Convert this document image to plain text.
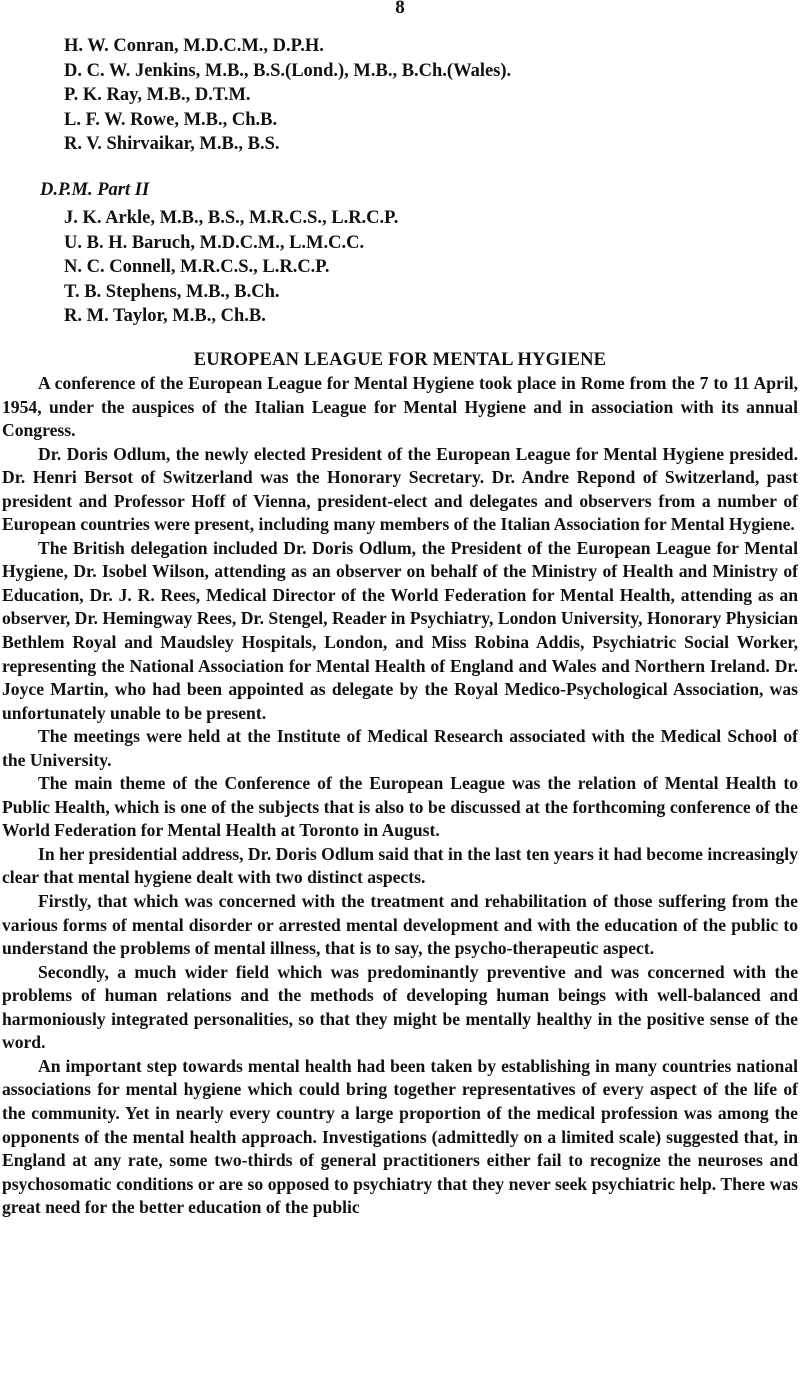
8
H. W. Conran, M.D.C.M., D.P.H.
D. C. W. Jenkins, M.B., B.S.(Lond.), M.B., B.Ch.(Wales).
P. K. Ray, M.B., D.T.M.
L. F. W. Rowe, M.B., Ch.B.
R. V. Shirvaikar, M.B., B.S.
D.P.M. Part II
J. K. Arkle, M.B., B.S., M.R.C.S., L.R.C.P.
U. B. H. Baruch, M.D.C.M., L.M.C.C.
N. C. Connell, M.R.C.S., L.R.C.P.
T. B. Stephens, M.B., B.Ch.
R. M. Taylor, M.B., Ch.B.
EUROPEAN LEAGUE FOR MENTAL HYGIENE

A conference of the European League for Mental Hygiene took place in Rome from the 7 to 11 April, 1954, under the auspices of the Italian League for Mental Hygiene and in association with its annual Congress.

Dr. Doris Odlum, the newly elected President of the European League for Mental Hygiene presided. Dr. Henri Bersot of Switzerland was the Honorary Secretary. Dr. Andre Repond of Switzerland, past president and Professor Hoff of Vienna, president-elect and delegates and observers from a number of European countries were present, including many members of the Italian Association for Mental Hygiene.

The British delegation included Dr. Doris Odlum, the President of the European League for Mental Hygiene, Dr. Isobel Wilson, attending as an observer on behalf of the Ministry of Health and Ministry of Education, Dr. J. R. Rees, Medical Director of the World Federation for Mental Health, attending as an observer, Dr. Hemingway Rees, Dr. Stengel, Reader in Psychiatry, London University, Honorary Physician Bethlem Royal and Maudsley Hospitals, London, and Miss Robina Addis, Psychiatric Social Worker, representing the National Association for Mental Health of England and Wales and Northern Ireland. Dr. Joyce Martin, who had been appointed as delegate by the Royal Medico-Psychological Association, was unfortunately unable to be present.

The meetings were held at the Institute of Medical Research associated with the Medical School of the University.

The main theme of the Conference of the European League was the relation of Mental Health to Public Health, which is one of the subjects that is also to be discussed at the forthcoming conference of the World Federation for Mental Health at Toronto in August.

In her presidential address, Dr. Doris Odlum said that in the last ten years it had become increasingly clear that mental hygiene dealt with two distinct aspects.

Firstly, that which was concerned with the treatment and rehabilitation of those suffering from the various forms of mental disorder or arrested mental development and with the education of the public to understand the problems of mental illness, that is to say, the psycho-therapeutic aspect.

Secondly, a much wider field which was predominantly preventive and was concerned with the problems of human relations and the methods of developing human beings with well-balanced and harmoniously integrated personalities, so that they might be mentally healthy in the positive sense of the word.

An important step towards mental health had been taken by establishing in many countries national associations for mental hygiene which could bring together representatives of every aspect of the life of the community. Yet in nearly every country a large proportion of the medical profession was among the opponents of the mental health approach. Investigations (admittedly on a limited scale) suggested that, in England at any rate, some two-thirds of general practitioners either fail to recognize the neuroses and psychosomatic conditions or are so opposed to psychiatry that they never seek psychiatric help. There was great need for the better education of the public
